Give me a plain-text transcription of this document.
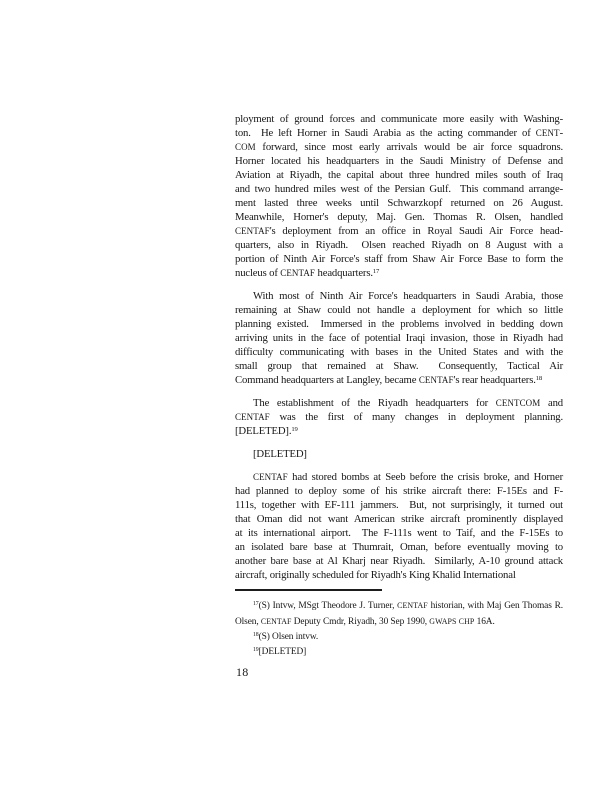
ployment of ground forces and communicate more easily with Washing-
ton.  He left Horner in Saudi Arabia as the acting commander of CENT-
COM forward, since most early arrivals would be air force squadrons.
Horner located his headquarters in the Saudi Ministry of Defense and
Aviation at Riyadh, the capital about three hundred miles south of Iraq
and two hundred miles west of the Persian Gulf.  This command arrange-
ment lasted three weeks until Schwarzkopf returned on 26 August.
Meanwhile, Horner's deputy, Maj. Gen. Thomas R. Olsen, handled
CENTAF's deployment from an office in Royal Saudi Air Force head-
quarters, also in Riyadh.  Olsen reached Riyadh on 8 August with a
portion of Ninth Air Force's staff from Shaw Air Force Base to form the
nucleus of CENTAF headquarters.$^{17}$
With most of Ninth Air Force's headquarters in Saudi Arabia, those
remaining at Shaw could not handle a deployment for which so little
planning existed.  Immersed in the problems involved in bedding down
arriving units in the face of potential Iraqi invasion, those in Riyadh had
difficulty communicating with bases in the United States and with the
small group that remained at Shaw.  Consequently, Tactical Air
Command headquarters at Langley, became CENTAF's rear headquarters.$^{18}$
The establishment of the Riyadh headquarters for CENTCOM and
CENTAF was the first of many changes in deployment planning.
[DELETED].$^{19}$
[DELETED]
CENTAF had stored bombs at Seeb before the crisis broke, and Horner
had planned to deploy some of his strike aircraft there: F-15Es and F-
111s, together with EF-111 jammers.  But, not surprisingly, it turned out
that Oman did not want American strike aircraft prominently displayed
at its international airport.  The F-111s went to Taif, and the F-15Es to
an isolated bare base at Thumrait, Oman, before eventually moving to
another bare base at Al Kharj near Riyadh.  Similarly, A-10 ground attack
aircraft, originally scheduled for Riyadh's King Khalid International
$^{17}$(S) Intvw, MSgt Theodore J. Turner, CENTAF historian, with Maj Gen Thomas R.
Olsen, CENTAF Deputy Cmdr, Riyadh, 30 Sep 1990, GWAPS CHP 16A.
$^{18}$(S) Olsen intvw.
$^{19}$[DELETED]
18
